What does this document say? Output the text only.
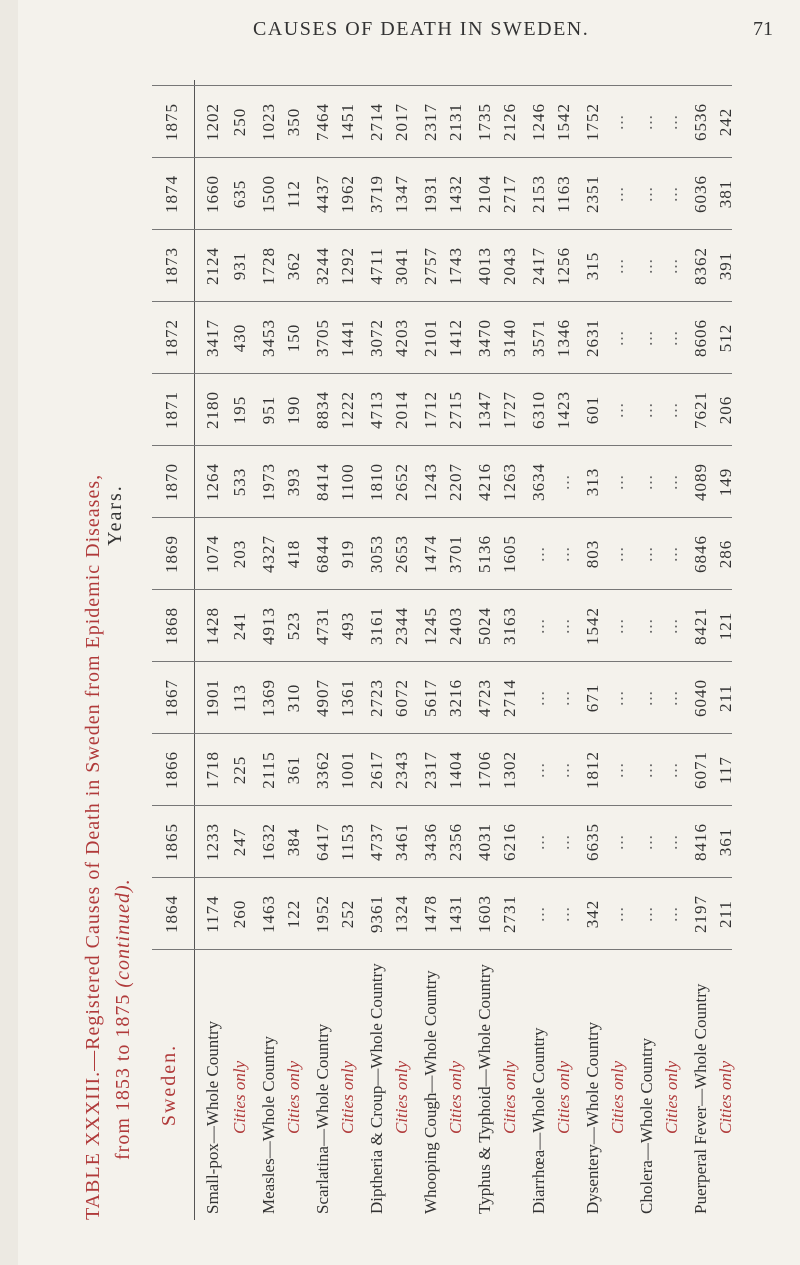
CAUSES OF DEATH IN SWEDEN.	71
TABLE XXXIII.—Registered Causes of Death in Sweden from Epidemic Diseases, from 1853 to 1875 (continued).
Sweden.
Years.
1864
1865
1866
1867
1868
1869
1870
1871
1872
1873
1874
1875
Small-pox—Whole Country
1174
1233
1718
1901
1428
1074
1264
2180
3417
2124
1660
1202
Cities only
260
247
225
113
241
203
533
195
430
931
635
250
Measles—Whole Country
1463
1632
2115
1369
4913
4327
1973
951
3453
1728
1500
1023
Cities only
122
384
361
310
523
418
393
190
150
362
112
350
Scarlatina—Whole Country
1952
6417
3362
4907
4731
6844
8414
8834
3705
3244
4437
7464
Cities only
252
1153
1001
1361
493
919
1100
1222
1441
1292
1962
1451
Diptheria & Croup—Whole Country
9361
4737
2617
2723
3161
3053
1810
4713
3072
4711
3719
2714
Cities only
1324
3461
2343
6072
2344
2653
2652
2014
4203
3041
1347
2017
Whooping Cough—Whole Country
1478
3436
2317
5617
1245
1474
1243
1712
2101
2757
1931
2317
Cities only
1431
2356
1404
3216
2403
3701
2207
2715
1412
1743
1432
2131
Typhus & Typhoid—Whole Country
1603
4031
1706
4723
5024
5136
4216
1347
3470
4013
2104
1735
Cities only
2731
6216
1302
2714
3163
1605
1263
1727
3140
2043
2717
2126
Diarrhœa—Whole Country
...
...
...
...
...
...
3634
6310
3571
2417
2153
1246
Cities only
...
...
...
...
...
...
...
1423
1346
1256
1163
1542
Dysentery—Whole Country
342
6635
1812
671
1542
803
313
601
2631
315
2351
1752
Cities only
...
...
...
...
...
...
...
...
...
...
...
...
Cholera—Whole Country
...
...
...
...
...
...
...
...
...
...
...
...
Cities only
...
...
...
...
...
...
...
...
...
...
...
...
Puerperal Fever—Whole Country
2197
8416
6071
6040
8421
6846
4089
7621
8606
8362
6036
6536
Cities only
211
361
117
211
121
286
149
206
512
391
381
242
